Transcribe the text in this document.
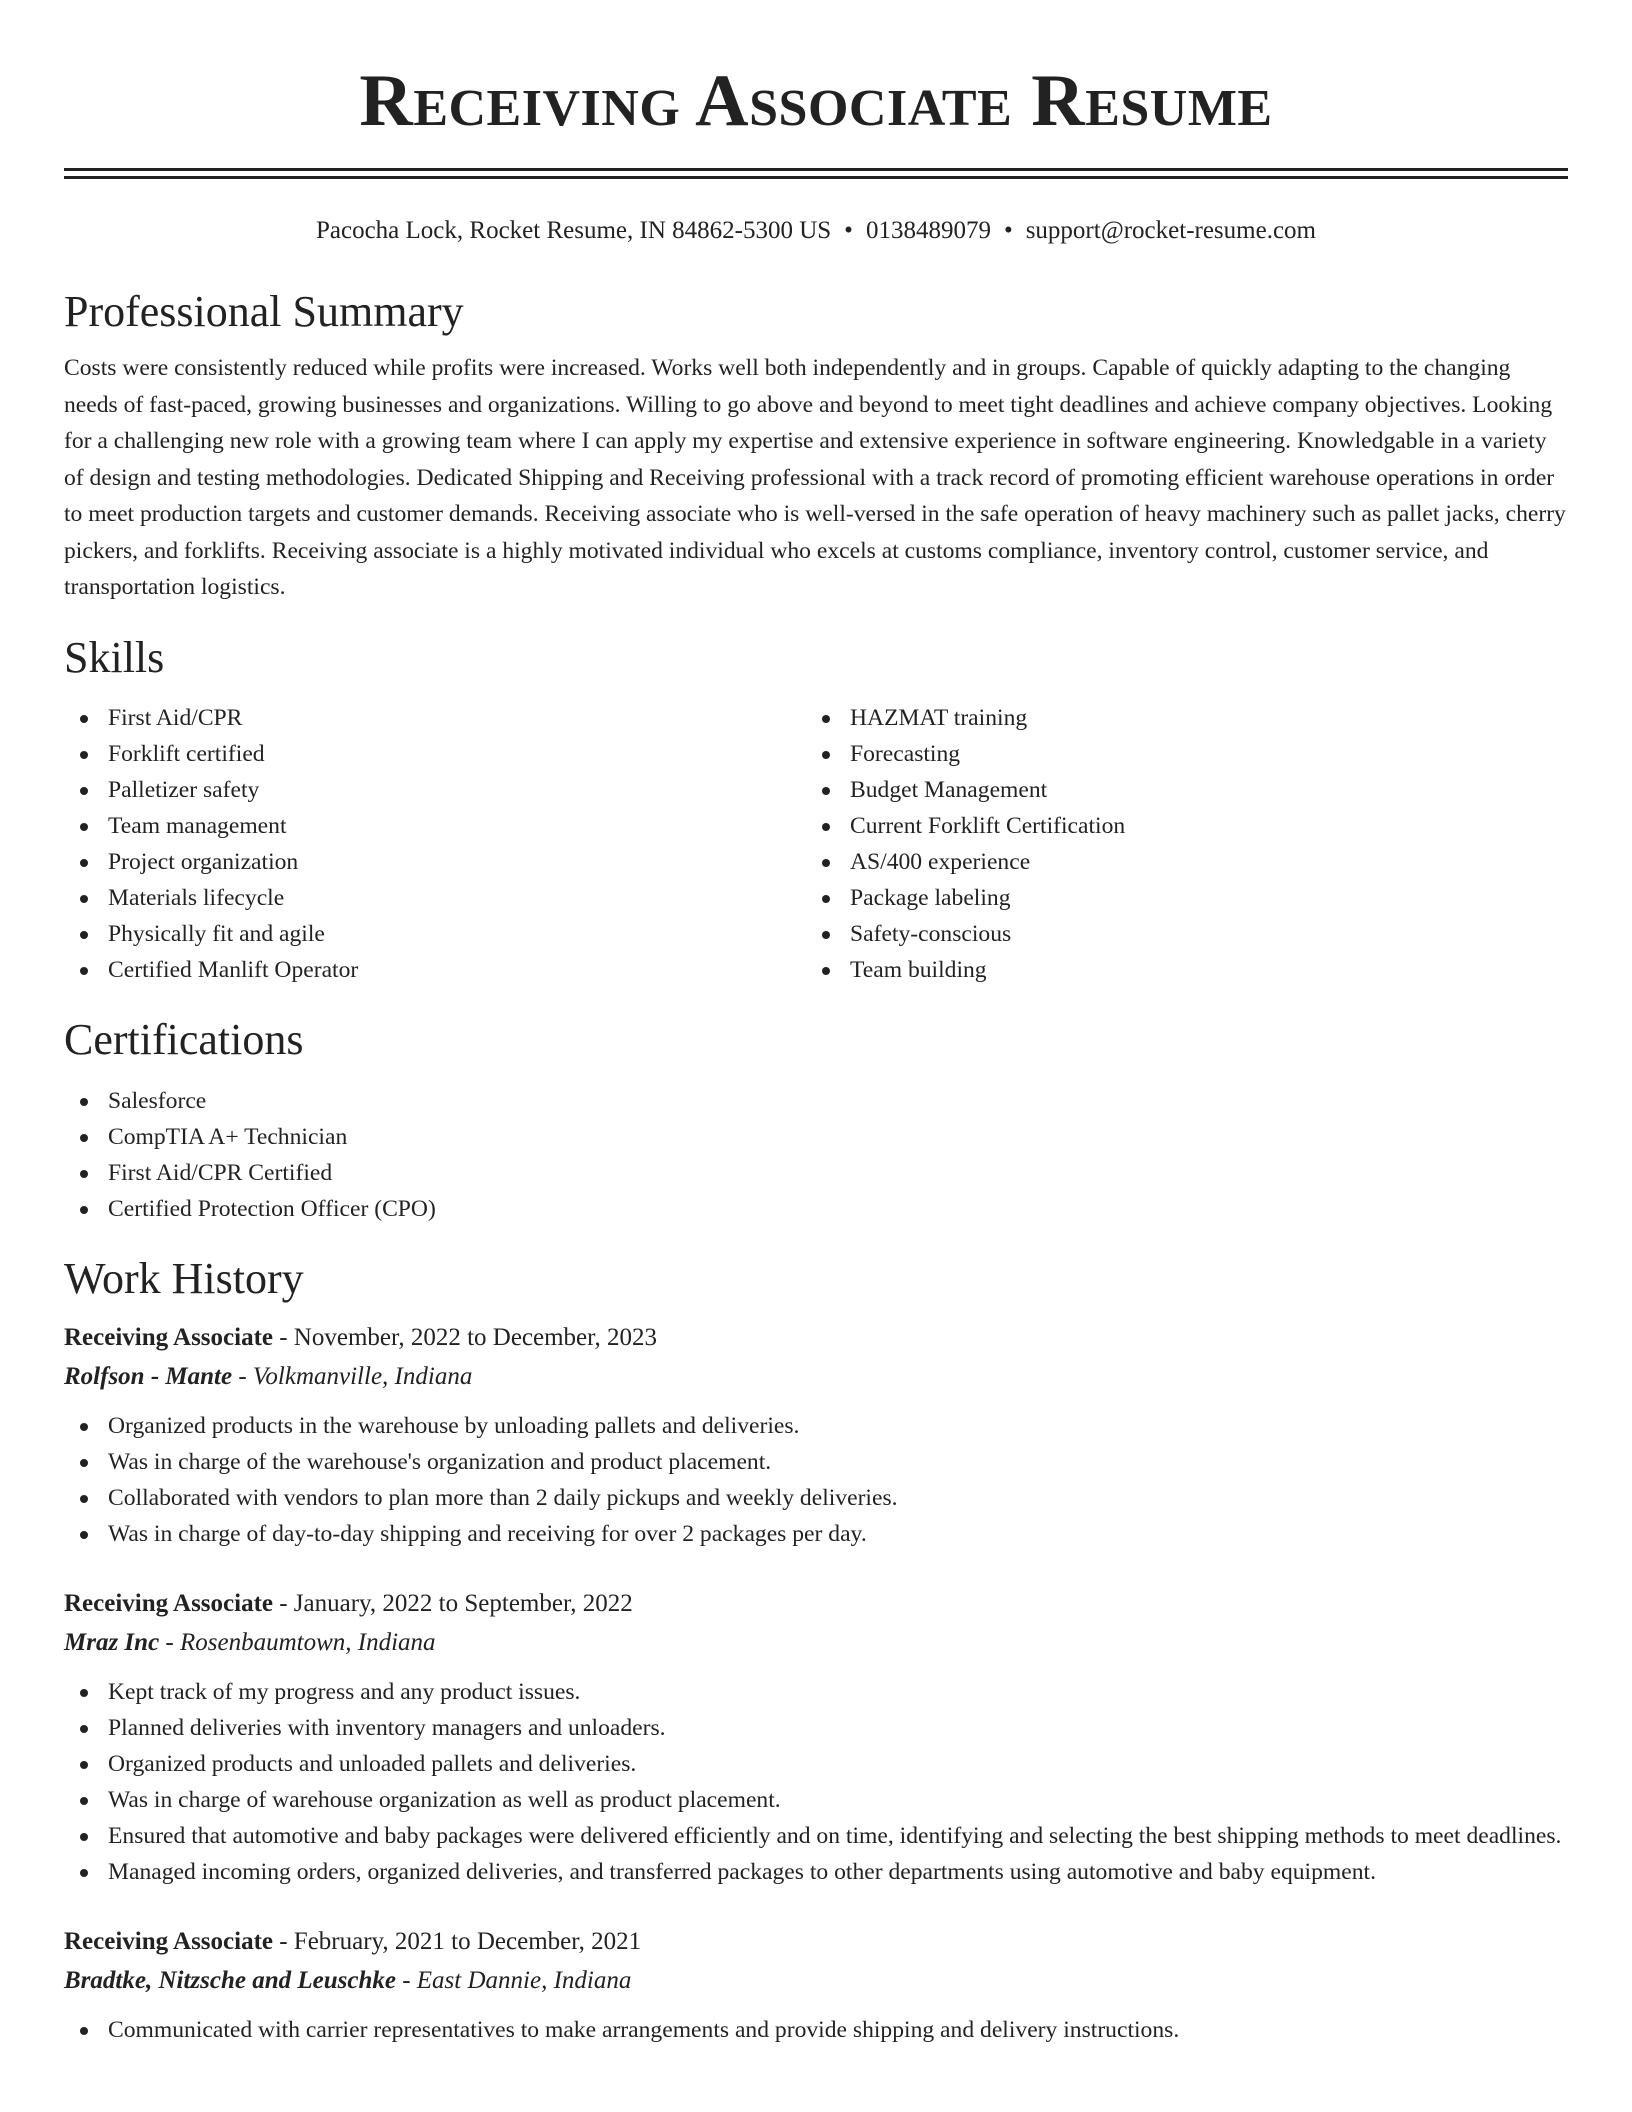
Receiving Associate Resume
Pacocha Lock, Rocket Resume, IN 84862-5300 US • 0138489079 • support@rocket-resume.com
Professional Summary

Costs were consistently reduced while profits were increased. Works well both independently and in groups. Capable of quickly adapting to the changing needs of fast-paced, growing businesses and organizations. Willing to go above and beyond to meet tight deadlines and achieve company objectives. Looking for a challenging new role with a growing team where I can apply my expertise and extensive experience in software engineering. Knowledgable in a variety of design and testing methodologies. Dedicated Shipping and Receiving professional with a track record of promoting efficient warehouse operations in order to meet production targets and customer demands. Receiving associate who is well-versed in the safe operation of heavy machinery such as pallet jacks, cherry pickers, and forklifts. Receiving associate is a highly motivated individual who excels at customs compliance, inventory control, customer service, and transportation logistics.

Skills
First Aid/CPR
Forklift certified
Palletizer safety
Team management
Project organization
Materials lifecycle
Physically fit and agile
Certified Manlift Operator
HAZMAT training
Forecasting
Budget Management
Current Forklift Certification
AS/400 experience
Package labeling
Safety-conscious
Team building
Certifications
Salesforce
CompTIA A+ Technician
First Aid/CPR Certified
Certified Protection Officer (CPO)
Work History
Receiving Associate - November, 2022 to December, 2023
Rolfson - Mante - Volkmanville, Indiana
Organized products in the warehouse by unloading pallets and deliveries.
Was in charge of the warehouse's organization and product placement.
Collaborated with vendors to plan more than 2 daily pickups and weekly deliveries.
Was in charge of day-to-day shipping and receiving for over 2 packages per day.
Receiving Associate - January, 2022 to September, 2022
Mraz Inc - Rosenbaumtown, Indiana
Kept track of my progress and any product issues.
Planned deliveries with inventory managers and unloaders.
Organized products and unloaded pallets and deliveries.
Was in charge of warehouse organization as well as product placement.
Ensured that automotive and baby packages were delivered efficiently and on time, identifying and selecting the best shipping methods to meet deadlines.
Managed incoming orders, organized deliveries, and transferred packages to other departments using automotive and baby equipment.
Receiving Associate - February, 2021 to December, 2021
Bradtke, Nitzsche and Leuschke - East Dannie, Indiana
Communicated with carrier representatives to make arrangements and provide shipping and delivery instructions.
